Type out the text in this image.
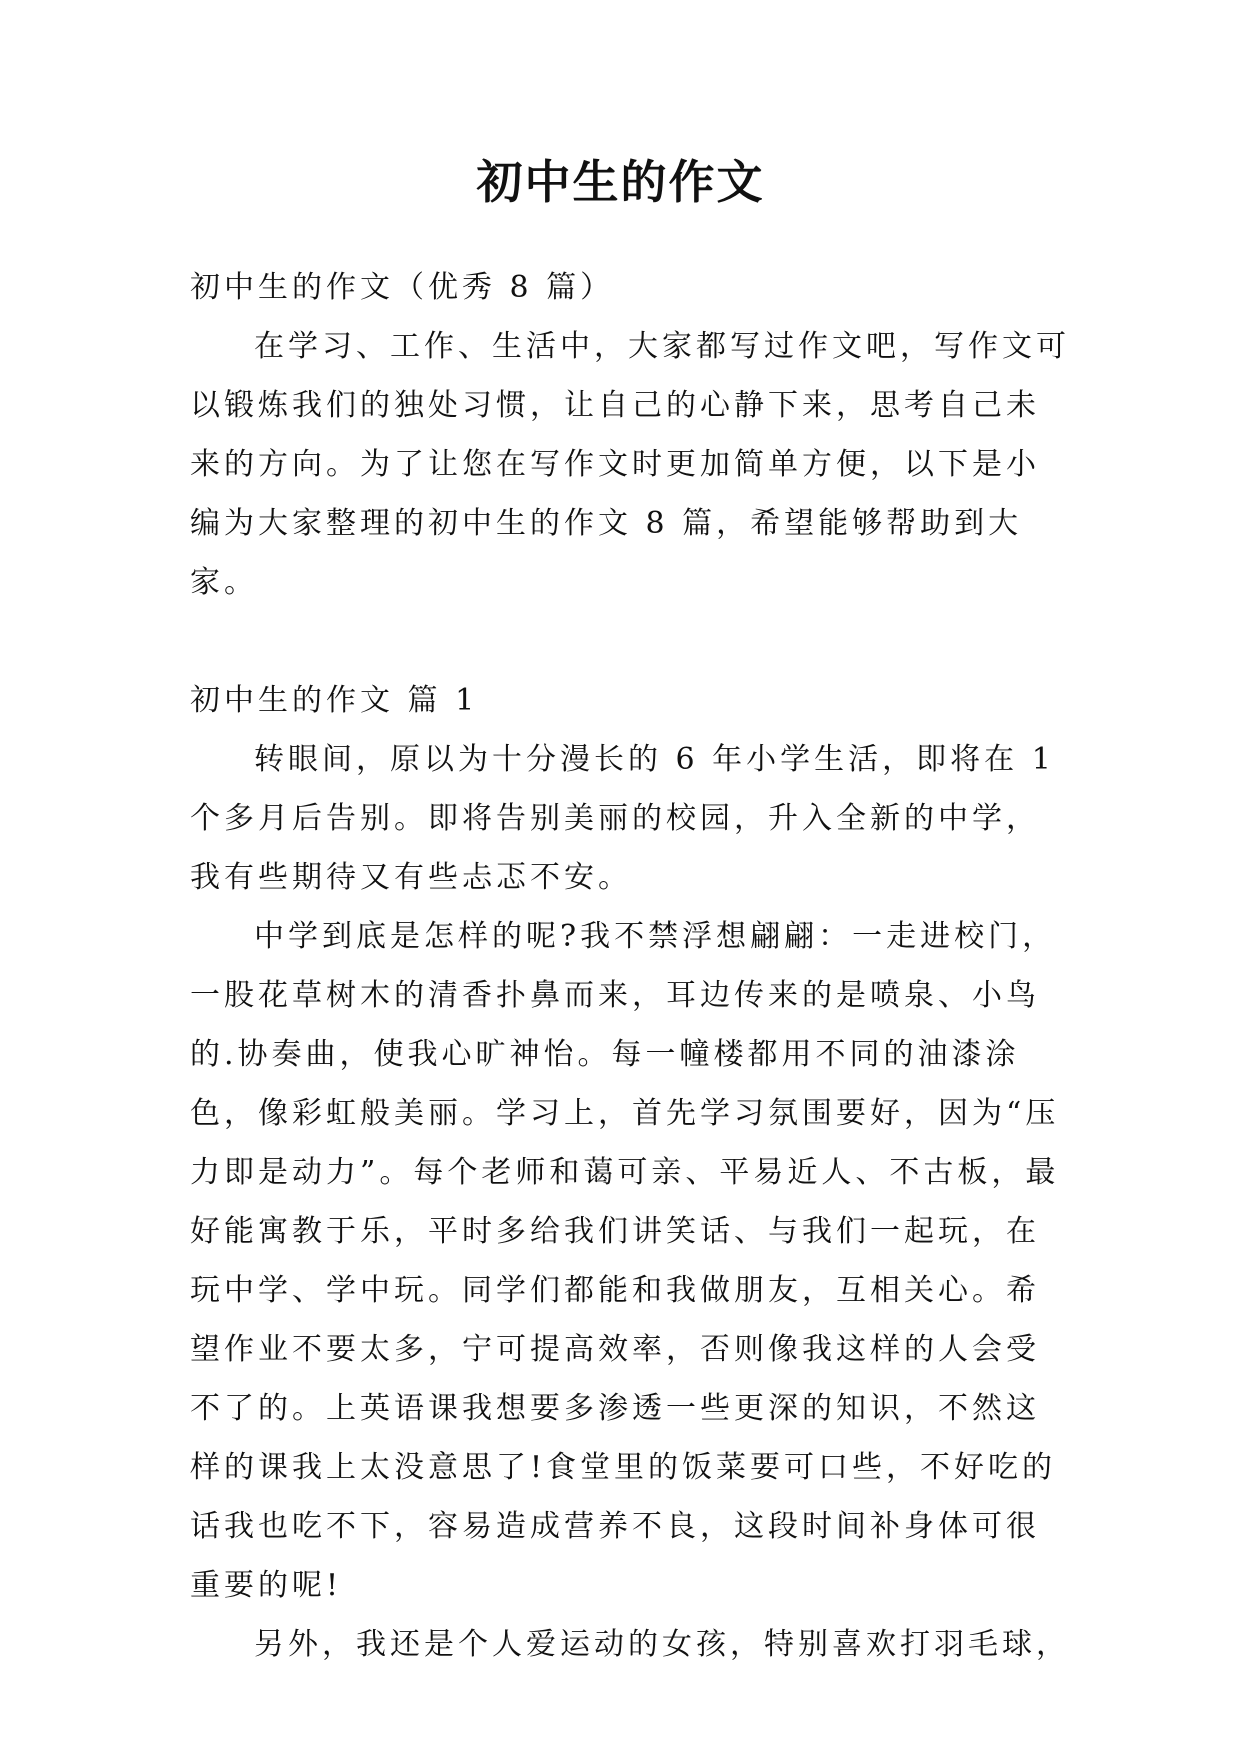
初中生的作文

初中生的作文（优秀 8 篇）

在学习、工作、生活中，大家都写过作文吧，写作文可以锻炼我们的独处习惯，让自己的心静下来，思考自己未来的方向。为了让您在写作文时更加简单方便，以下是小编为大家整理的初中生的作文 8 篇，希望能够帮助到大家。

初中生的作文 篇 1

转眼间，原以为十分漫长的 6 年小学生活，即将在 1 个多月后告别。即将告别美丽的校园，升入全新的中学，我有些期待又有些忐忑不安。

中学到底是怎样的呢?我不禁浮想翩翩：一走进校门，一股花草树木的清香扑鼻而来，耳边传来的是喷泉、小鸟的.协奏曲，使我心旷神怡。每一幢楼都用不同的油漆涂色，像彩虹般美丽。学习上，首先学习氛围要好，因为“压力即是动力”。每个老师和蔼可亲、平易近人、不古板，最好能寓教于乐，平时多给我们讲笑话、与我们一起玩，在玩中学、学中玩。同学们都能和我做朋友，互相关心。希望作业不要太多，宁可提高效率，否则像我这样的人会受不了的。上英语课我想要多渗透一些更深的知识，不然这样的课我上太没意思了!食堂里的饭菜要可口些，不好吃的话我也吃不下，容易造成营养不良，这段时间补身体可很重要的呢!

另外，我还是个人爱运动的女孩，特别喜欢打羽毛球，
